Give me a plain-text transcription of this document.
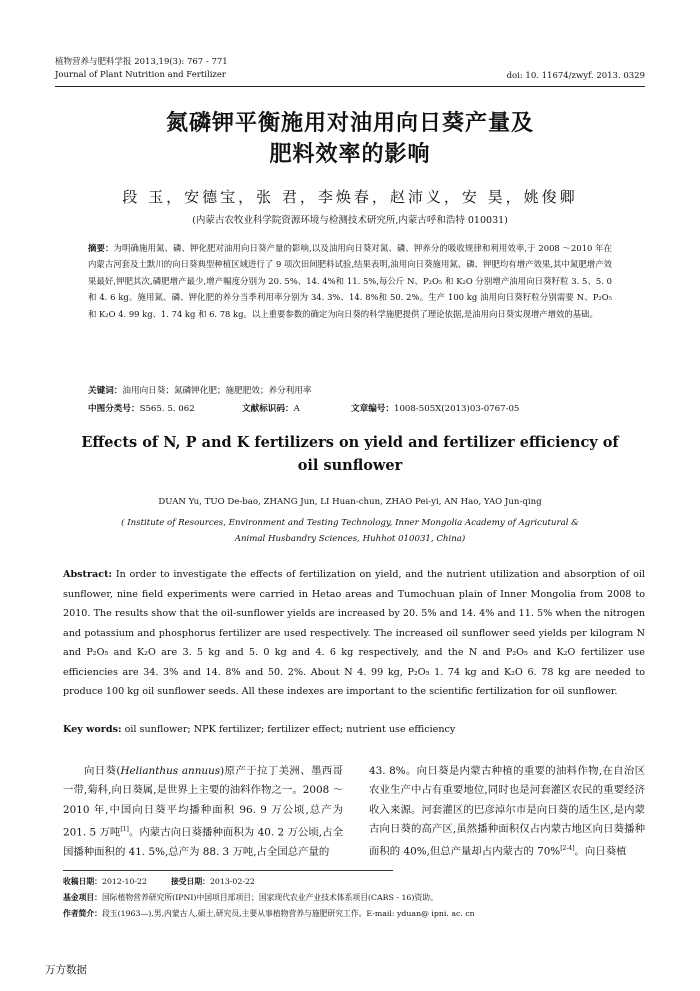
植物营养与肥料学报 2013,19(3): 767 - 771
Journal of Plant Nutrition and Fertilizer	doi: 10. 11674/zwyf. 2013. 0329
氮磷钾平衡施用对油用向日葵产量及
肥料效率的影响
段 玉，安德宝，张 君，李焕春，赵沛义，安 昊，姚俊卿
(内蒙古农牧业科学院资源环境与检测技术研究所,内蒙古呼和浩特 010031)
摘要：为明确施用氮、磷、钾化肥对油用向日葵产量的影响,以及油用向日葵对氮、磷、钾养分的吸收规律和利用效率,于 2008 ～2010 年在内蒙古河套及土默川的向日葵典型种植区域进行了 9 项次田间肥料试验,结果表明,油用向日葵施用氮、磷、钾肥均有增产效果,其中氮肥增产效果最好,钾肥其次,磷肥增产最少,增产幅度分别为 20. 5%、14. 4%和 11. 5%,每公斤 N、P₂O₅ 和 K₂O 分别增产油用向日葵籽粒 3. 5、5. 0 和 4. 6 kg。施用氮、磷、钾化肥的养分当季利用率分别为 34. 3%、14. 8%和 50. 2%。生产 100 kg 油用向日葵籽粒分别需要 N、P₂O₅ 和 K₂O 4. 99 kg、1. 74 kg 和 6. 78 kg。以上重要参数的确定为向日葵的科学施肥提供了理论依据,是油用向日葵实现增产增效的基础。
关键词：油用向日葵；氮磷钾化肥；施肥肥效；养分利用率
中图分类号：S565. 5. 062	文献标识码：A	文章编号：1008-505X(2013)03-0767-05
Effects of N, P and K fertilizers on yield and fertilizer efficiency of
oil sunflower
DUAN Yu, TUO De-bao, ZHANG Jun, LI Huan-chun, ZHAO Pei-yi, AN Hao, YAO Jun-qing
( Institute of Resources, Environment and Testing Technology, Inner Mongolia Academy of Agricutural & Animal Husbandry Sciences, Huhhot 010031, China)
Abstract: In order to investigate the effects of fertilization on yield, and the nutrient utilization and absorption of oil sunflower, nine field experiments were carried in Hetao areas and Tumochuan plain of Inner Mongolia from 2008 to 2010. The results show that the oil-sunflower yields are increased by 20. 5% and 14. 4% and 11. 5% when the nitrogen and potassium and phosphorus fertilizer are used respectively. The increased oil sunflower seed yields per kilogram N and P₂O₅ and K₂O are 3. 5 kg and 5. 0 kg and 4. 6 kg respectively, and the N and P₂O₅ and K₂O fertilizer use efficiencies are 34. 3% and 14. 8% and 50. 2%. About N 4. 99 kg, P₂O₅ 1. 74 kg and K₂O 6. 78 kg are needed to produce 100 kg oil sunflower seeds. All these indexes are important to the scientific fertilization for oil sunflower.
Key words: oil sunflower; NPK fertilizer; fertilizer effect; nutrient use efficiency
向日葵(Helianthus annuus)原产于拉丁美洲、墨西哥一带,菊科,向日葵属,是世界上主要的油料作物之一。2008 ～2010 年,中国向日葵平均播种面积 96. 9 万公顷,总产为 201. 5 万吨[1]。内蒙古向日葵播种面积为 40. 2 万公顷,占全国播种面积的 41. 5%,总产为 88. 3 万吨,占全国总产量的
43. 8%。向日葵是内蒙古种植的重要的油料作物,在自治区农业生产中占有重要地位,同时也是河套灌区农民的重要经济收入来源。河套灌区的巴彦淖尔市是向日葵的适生区,是内蒙古向日葵的高产区,虽然播种面积仅占内蒙古地区向日葵播种面积的 40%,但总产量却占内蒙古的 70%[2-4]。向日葵植
收稿日期：2012-10-22	接受日期：2013-02-22
基金项目：国际植物营养研究所(IPNI)中国项目部项目；国家现代农业产业技术体系项目(CARS - 16)资助。
作者简介：段玉(1963—),男,内蒙古人,硕士,研究员,主要从事植物营养与施肥研究工作。E-mail: yduan@ ipni. ac. cn
万方数据
